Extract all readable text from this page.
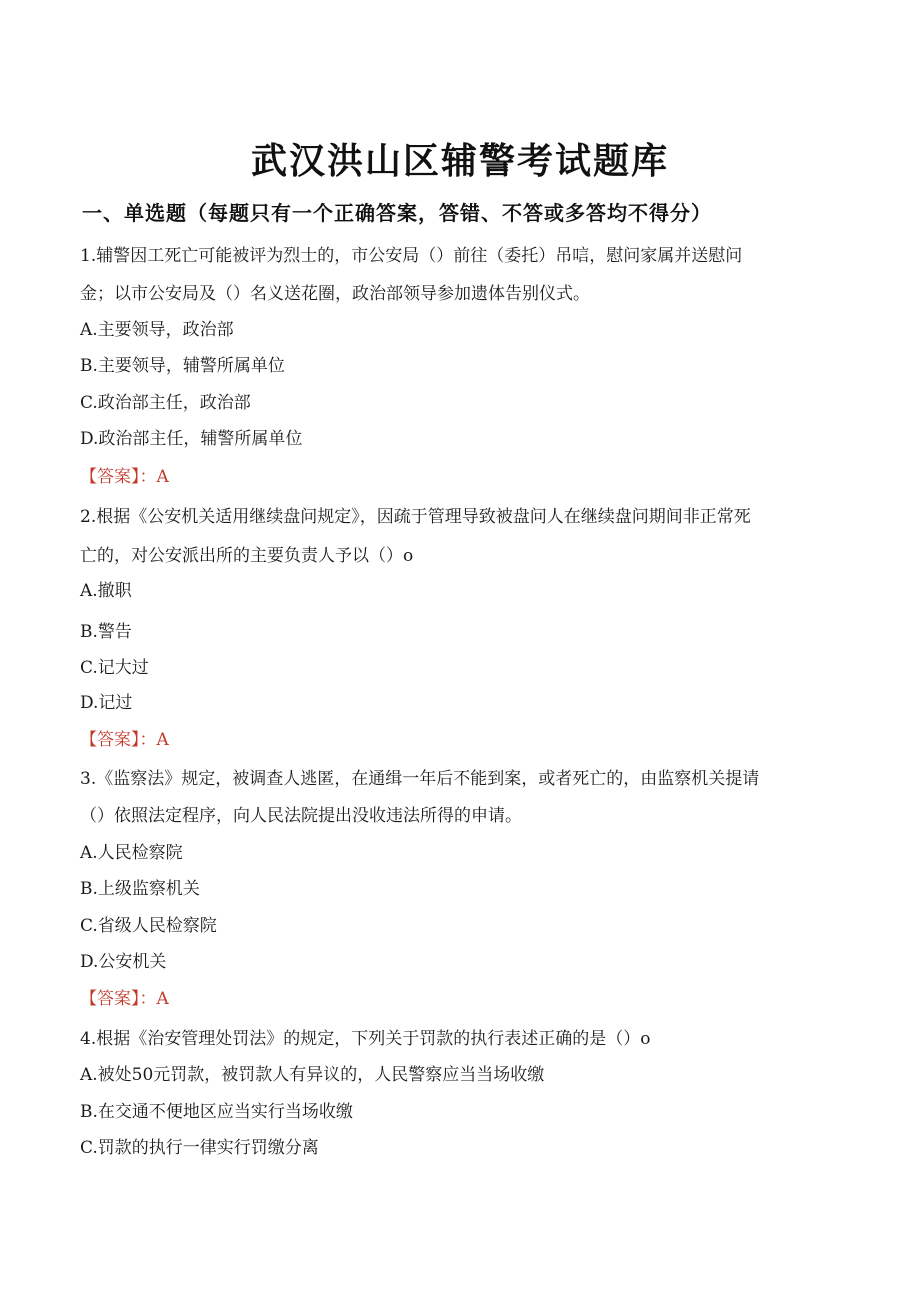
武汉洪山区辅警考试题库
一、单选题（每题只有一个正确答案，答错、不答或多答均不得分）
1.辅警因工死亡可能被评为烈士的，市公安局（）前往（委托）吊唁，慰问家属并送慰问
金；以市公安局及（）名义送花圈，政治部领导参加遗体告别仪式。
A.主要领导，政治部
B.主要领导，辅警所属单位
C.政治部主任，政治部
D.政治部主任，辅警所属单位
【答案】：A
2.根据《公安机关适用继续盘问规定》，因疏于管理导致被盘问人在继续盘问期间非正常死
亡的，对公安派出所的主要负责人予以（）o
A.撤职
B.警告
C.记大过
D.记过
【答案】：A
3.《监察法》规定，被调查人逃匿，在通缉一年后不能到案，或者死亡的，由监察机关提请
（）依照法定程序，向人民法院提出没收违法所得的申请。
A.人民检察院
B.上级监察机关
C.省级人民检察院
D.公安机关
【答案】：A
4.根据《治安管理处罚法》的规定，下列关于罚款的执行表述正确的是（）o
A.被处50元罚款，被罚款人有异议的，人民警察应当当场收缴
B.在交通不便地区应当实行当场收缴
C.罚款的执行一律实行罚缴分离
